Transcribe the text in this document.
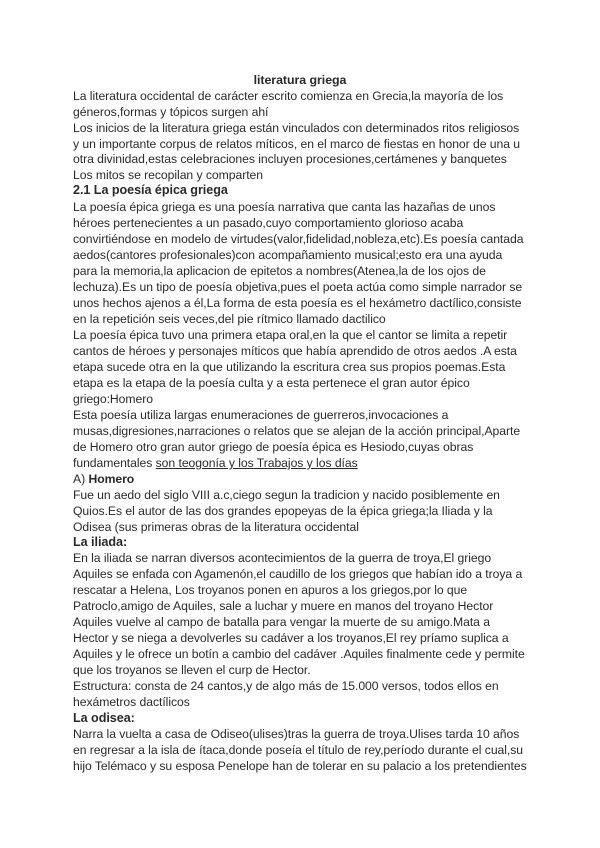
literatura griega
La literatura occidental de carácter escrito comienza en Grecia,la mayoría de los
géneros,formas y tópicos surgen ahí
Los inicios de la literatura griega están vinculados con determinados ritos religiosos
y un importante corpus de relatos míticos, en el marco de fiestas en honor de una u
otra divinidad,estas celebraciones incluyen procesiones,certámenes y banquetes
Los mitos se recopilan y comparten
2.1 La poesía épica griega
La poesía épica griega es una poesía narrativa que canta las hazañas de unos
héroes pertenecientes a un pasado,cuyo comportamiento glorioso acaba
convirtiéndose en modelo de virtudes(valor,fidelidad,nobleza,etc).Es poesía cantada
aedos(cantores profesionales)con acompañamiento musical;esto era una ayuda
para la memoria,la aplicacion de epitetos a nombres(Atenea,la de los ojos de
lechuza).Es un tipo de poesía objetiva,pues el poeta actúa como simple narrador se
unos hechos ajenos a él,La forma de esta poesía es el hexámetro dactílico,consiste
en la repetición seis veces,del pie rítmico llamado dactilico
La poesía épica tuvo una primera etapa oral,en la que el cantor se limita a repetir
cantos de héroes y personajes míticos que había aprendido de otros aedos .A esta
etapa sucede otra en la que utilizando la escritura crea sus propios poemas.Esta
etapa es la etapa de la poesía culta y a esta pertenece el gran autor épico
griego:Homero
Esta poesía utiliza largas enumeraciones de guerreros,invocaciones a
musas,digresiones,narraciones o relatos que se alejan de la acción principal,Aparte
de Homero otro gran autor griego de poesía épica es Hesiodo,cuyas obras
fundamentales son teogonía y los Trabajos y los días
A) Homero
Fue un aedo del siglo VIII a.c,ciego segun la tradicion y nacido posiblemente en
Quios.Es el autor de las dos grandes epopeyas de la épica griega;la Iliada y la
Odisea (sus primeras obras de la literatura occidental
La iliada:
En la iliada se narran diversos acontecimientos de la guerra de troya,El griego
Aquiles se enfada con Agamenón,el caudillo de los griegos que habían ido a troya a
rescatar a Helena, Los troyanos ponen en apuros a los griegos,por lo que
Patroclo,amigo de Aquiles, sale a luchar y muere en manos del troyano Hector
Aquiles vuelve al campo de batalla para vengar la muerte de su amigo.Mata a
Hector y se niega a devolverles su cadáver a los troyanos,El rey príamo suplica a
Aquiles y le ofrece un botín a cambio del cadáver .Aquiles finalmente cede y permite
que los troyanos se lleven el curp de Hector.
Estructura: consta de 24 cantos,y de algo más de 15.000 versos, todos ellos en
hexámetros dactílicos
La odisea:
Narra la vuelta a casa de Odiseo(ulises)tras la guerra de troya.Ulises tarda 10 años
en regresar a la isla de ítaca,donde poseía el título de rey,período durante el cual,su
hijo Telémaco y su esposa Penelope han de tolerar en su palacio a los pretendientes
